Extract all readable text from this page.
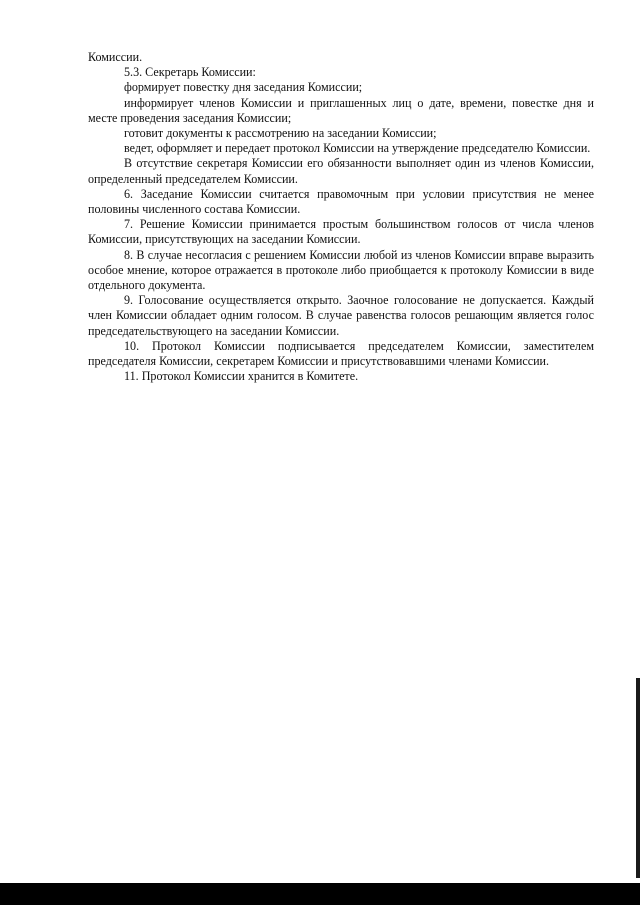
Комиссии.

5.3. Секретарь Комиссии:

формирует повестку дня заседания Комиссии;

информирует членов Комиссии и приглашенных лиц о дате, времени, повестке дня и месте проведения заседания Комиссии;

готовит документы к рассмотрению на заседании Комиссии;

ведет, оформляет и передает протокол Комиссии на утверждение председателю Комиссии.

В отсутствие секретаря Комиссии его обязанности выполняет один из членов Комиссии, определенный председателем Комиссии.

6. Заседание Комиссии считается правомочным при условии присутствия не менее половины численного состава Комиссии.

7. Решение Комиссии принимается простым большинством голосов от числа членов Комиссии, присутствующих на заседании Комиссии.

8. В случае несогласия с решением Комиссии любой из членов Комиссии вправе выразить особое мнение, которое отражается в протоколе либо приобщается к протоколу Комиссии в виде отдельного документа.

9. Голосование осуществляется открыто. Заочное голосование не допускается. Каждый член Комиссии обладает одним голосом. В случае равенства голосов решающим является голос председательствующего на заседании Комиссии.

10. Протокол Комиссии подписывается председателем Комиссии, заместителем председателя Комиссии, секретарем Комиссии и присутствовавшими членами Комиссии.

11. Протокол Комиссии хранится в Комитете.
